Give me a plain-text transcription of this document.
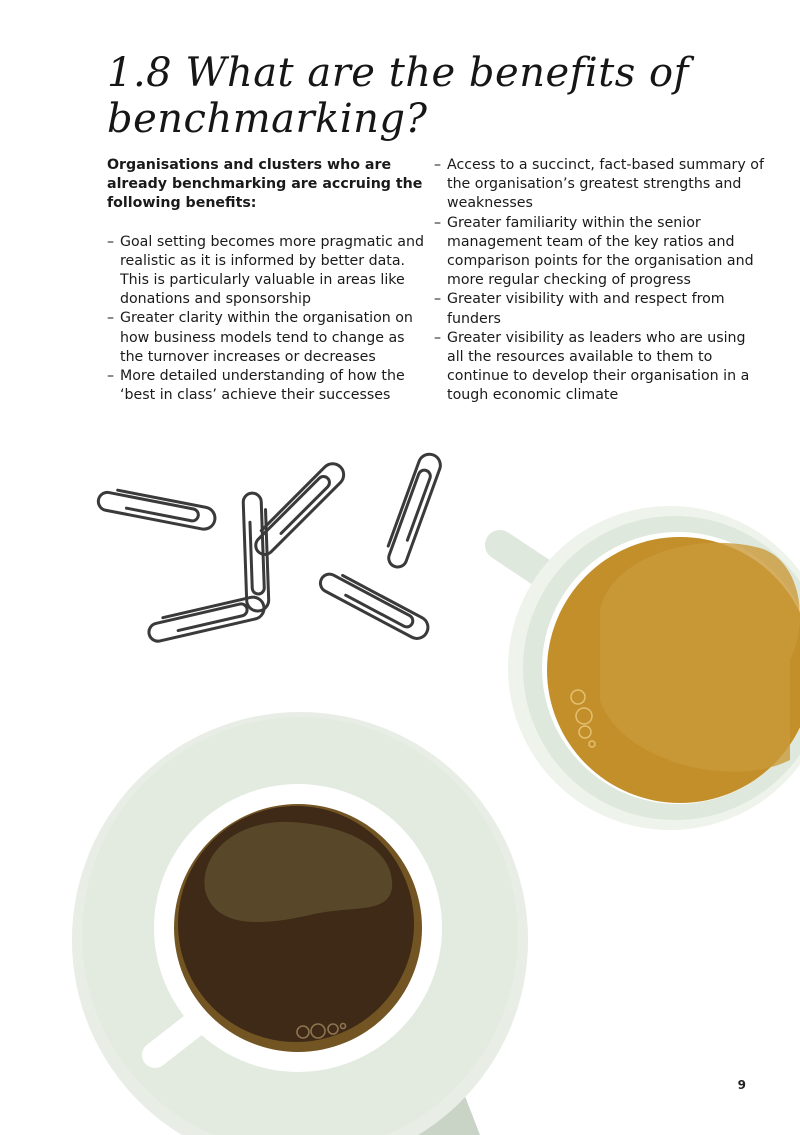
1.8 What are the benefits of benchmarking?

Organisations and clusters who are already benchmarking are accruing the following benefits:

– Goal setting becomes more pragmatic and realistic as it is informed by better data. This is particularly valuable in areas like donations and sponsorship
– Greater clarity within the organisation on how business models tend to change as the turnover increases or decreases
– More detailed understanding of how the ‘best in class’ achieve their successes
– Access to a succinct, fact-based summary of the organisation’s greatest strengths and weaknesses
– Greater familiarity within the senior management team of the key ratios and comparison points for the organisation and more regular checking of progress
– Greater visibility with and respect from funders
– Greater visibility as leaders who are using all the resources available to them to continue to develop their organisation in a tough economic climate
9
